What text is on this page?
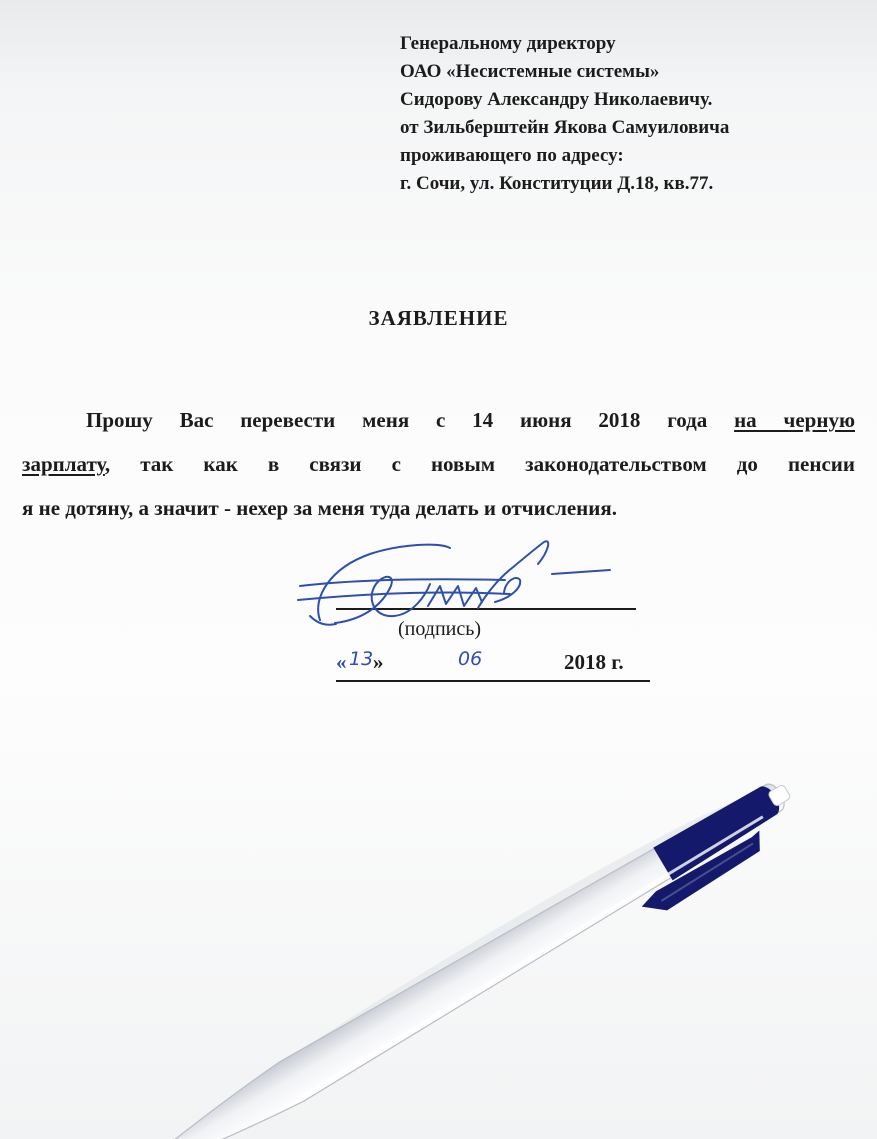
Генеральному директору
ОАО «Несистемные системы»
Сидорову Александру Николаевичу.
от Зильберштейн Якова Самуиловича
проживающего по адресу:
г. Сочи, ул. Конституции Д.18, кв.77.
ЗАЯВЛЕНИЕ
Прошу Вас перевести меня с 14 июня 2018 года на черную
зарплату, так как в связи с новым законодательством до пенсии
я не дотяну, а значит - нехер за меня туда делать и отчисления.
(подпись)
« 13 »	06	2018 г.
